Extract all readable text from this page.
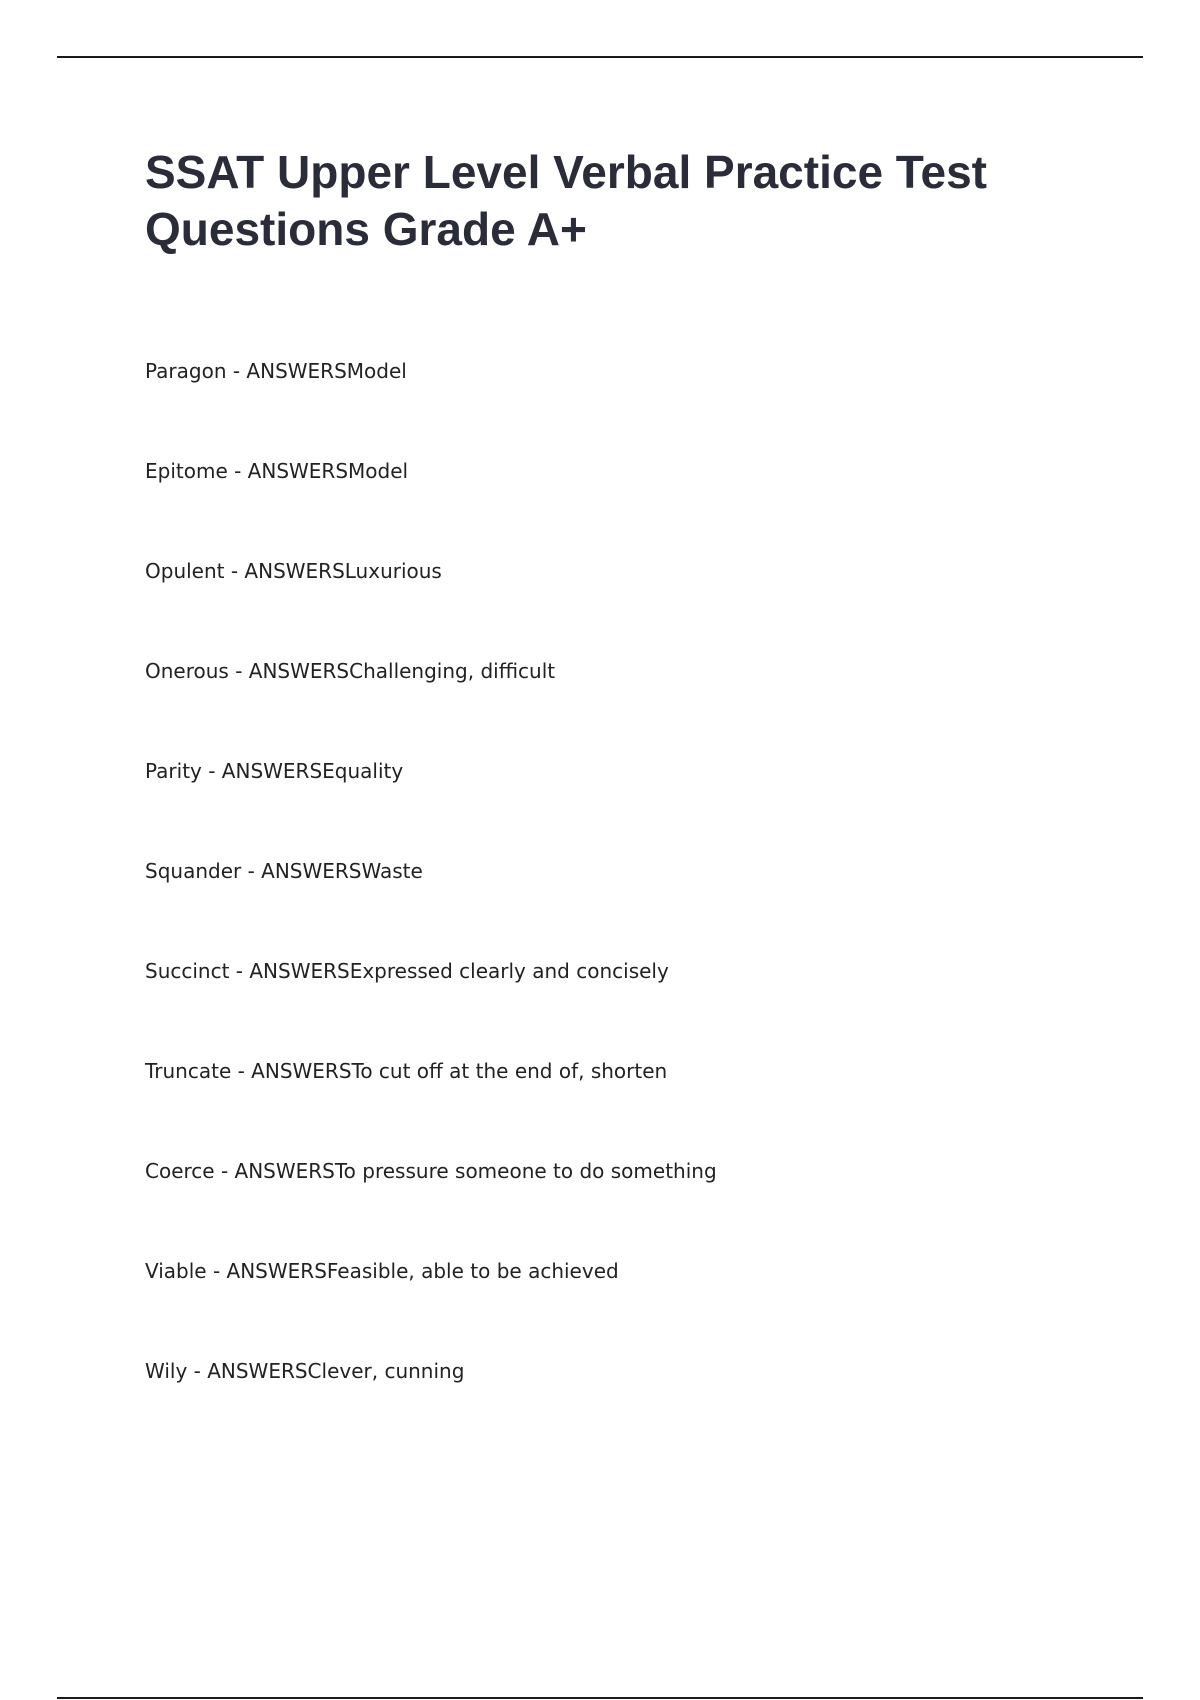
SSAT Upper Level Verbal Practice Test Questions Grade A+
Paragon - ANSWERSModel
Epitome - ANSWERSModel
Opulent - ANSWERSLuxurious
Onerous - ANSWERSChallenging, difficult
Parity - ANSWERSEquality
Squander - ANSWERSWaste
Succinct - ANSWERSExpressed clearly and concisely
Truncate - ANSWERSTo cut off at the end of, shorten
Coerce - ANSWERSTo pressure someone to do something
Viable - ANSWERSFeasible, able to be achieved
Wily - ANSWERSClever, cunning
